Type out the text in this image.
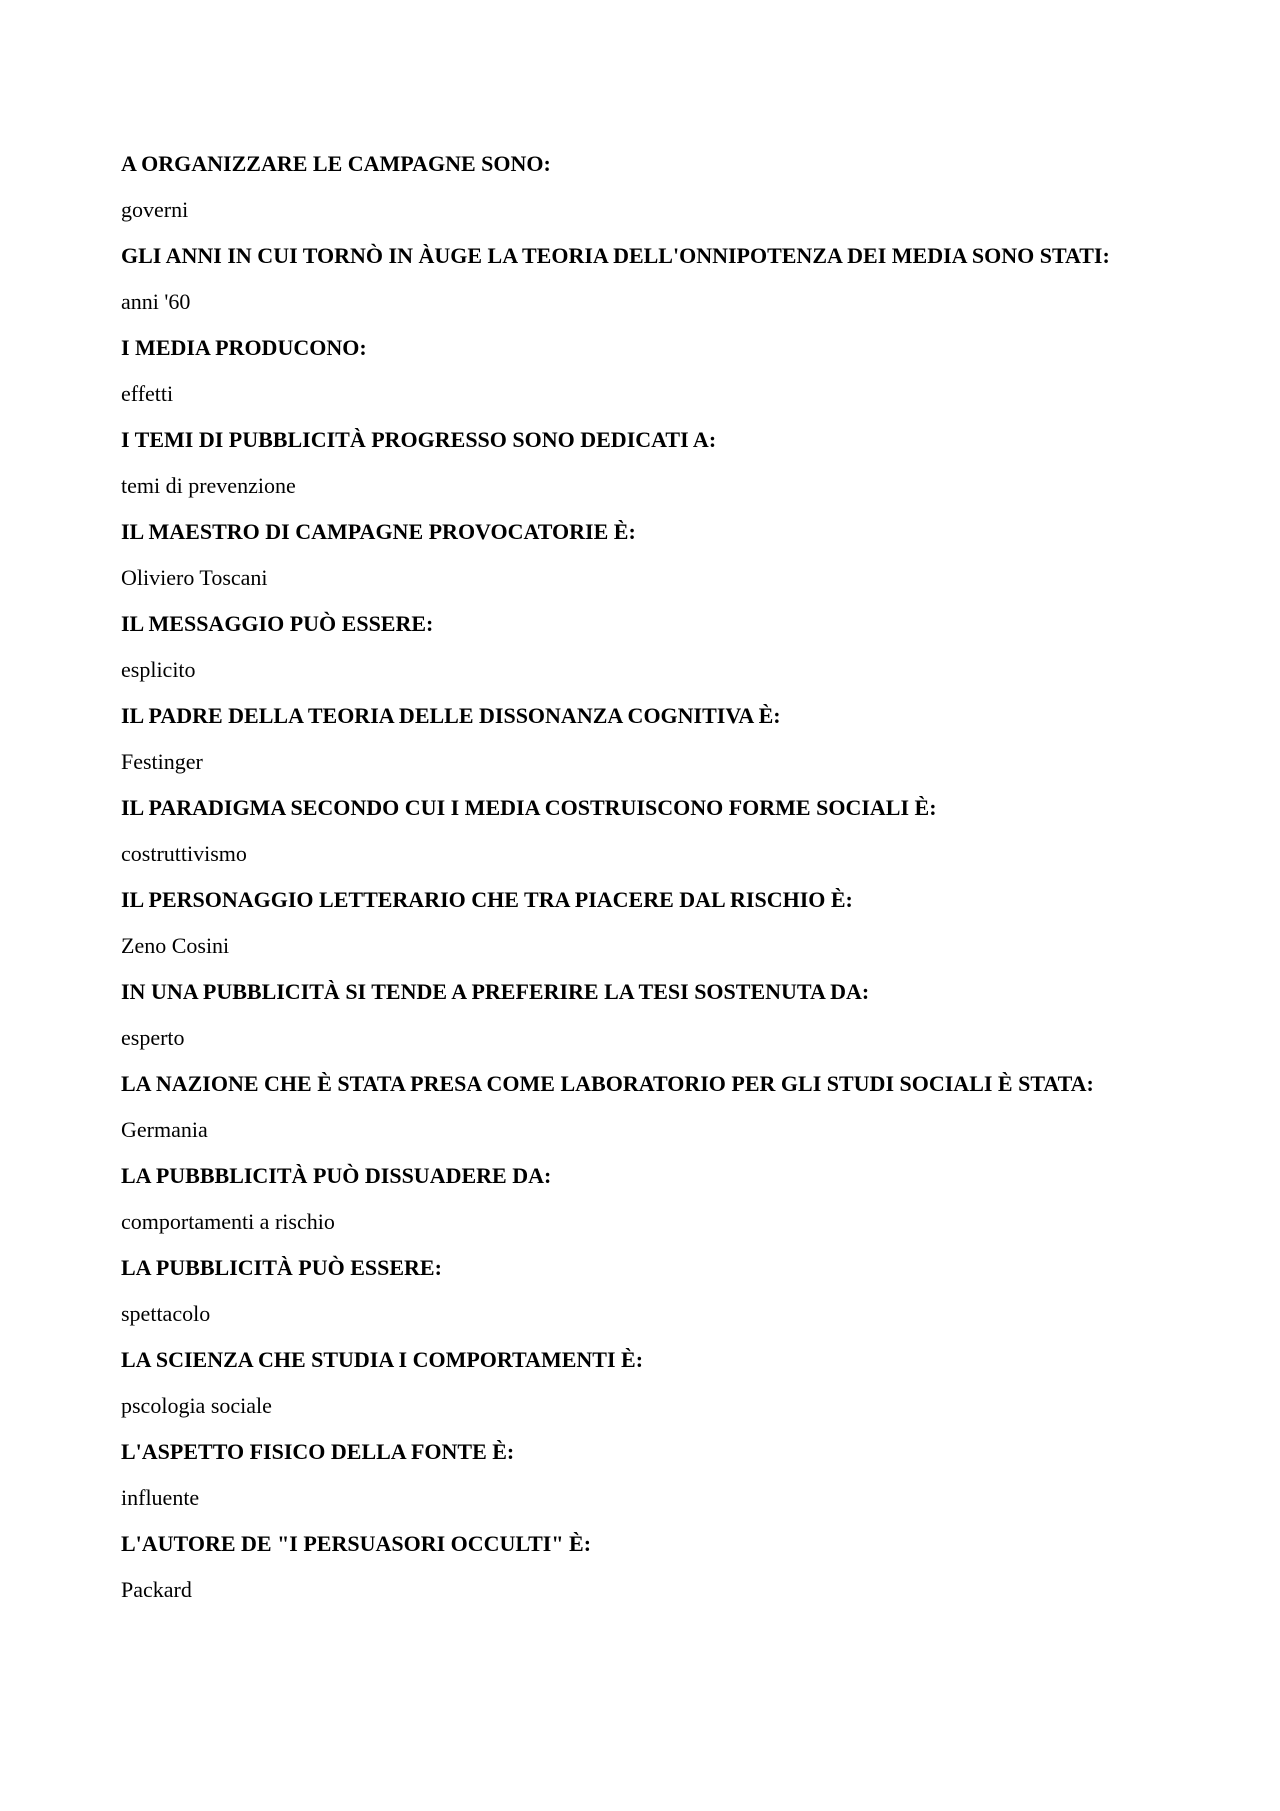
A ORGANIZZARE LE CAMPAGNE SONO:

governi

GLI ANNI IN CUI TORNÒ IN ÀUGE LA TEORIA DELL'ONNIPOTENZA DEI MEDIA SONO STATI:

anni '60

I MEDIA PRODUCONO:

effetti

I TEMI DI PUBBLICITÀ PROGRESSO SONO DEDICATI A:

temi di prevenzione

IL MAESTRO DI CAMPAGNE PROVOCATORIE È:

Oliviero Toscani

IL MESSAGGIO PUÒ ESSERE:

esplicito

IL PADRE DELLA TEORIA DELLE DISSONANZA COGNITIVA È:

Festinger

IL PARADIGMA SECONDO CUI I MEDIA COSTRUISCONO FORME SOCIALI È:

costruttivismo

IL PERSONAGGIO LETTERARIO CHE TRA PIACERE DAL RISCHIO È:

Zeno Cosini

IN UNA PUBBLICITÀ SI TENDE A PREFERIRE LA TESI SOSTENUTA DA:

esperto

LA NAZIONE CHE È STATA PRESA COME LABORATORIO PER GLI STUDI SOCIALI È STATA:

Germania

LA PUBBBLICITÀ PUÒ DISSUADERE DA:

comportamenti a rischio

LA PUBBLICITÀ PUÒ ESSERE:

spettacolo

LA SCIENZA CHE STUDIA I COMPORTAMENTI È:

pscologia sociale

L'ASPETTO FISICO DELLA FONTE È:

influente

L'AUTORE DE "I PERSUASORI OCCULTI" È:

Packard
